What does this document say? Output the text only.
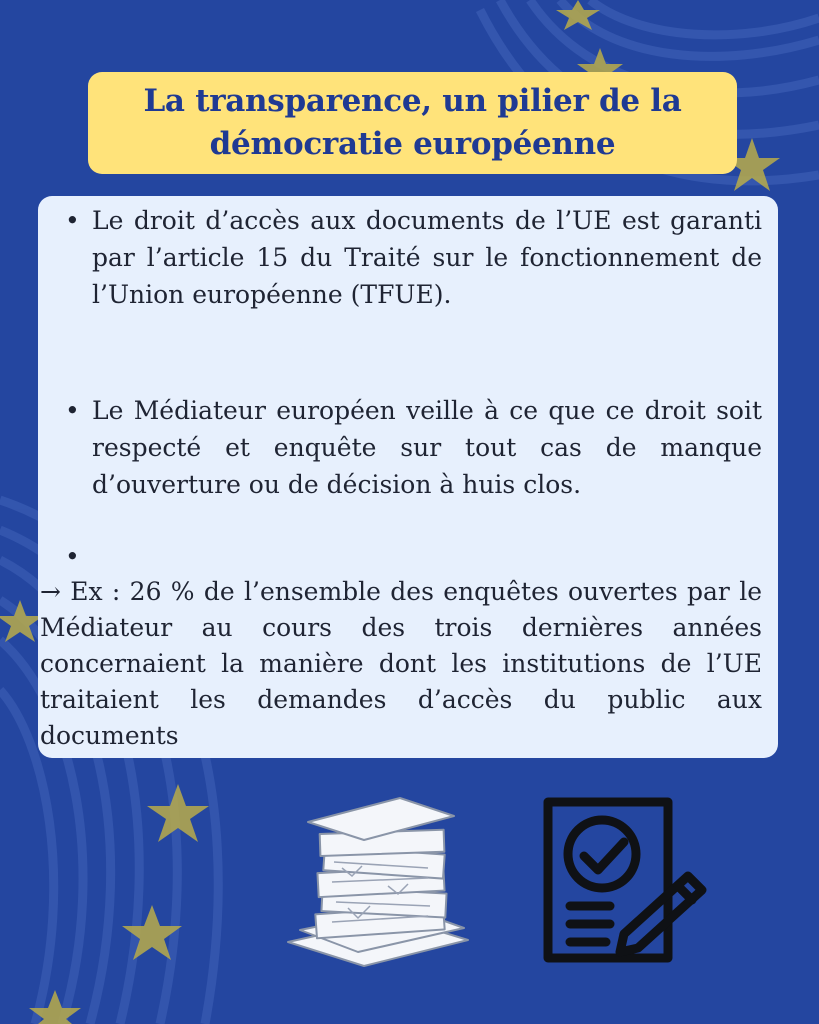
La transparence, un pilier de la
démocratie européenne
• Le droit d’accès aux documents de l’UE est garanti par l’article 15 du Traité sur le fonctionnement de l’Union européenne (TFUE).
• Le Médiateur européen veille à ce que ce droit soit respecté et enquête sur tout cas de manque d’ouverture ou de décision à huis clos.
•

→ Ex : 26 % de l’ensemble des enquêtes ouvertes par le Médiateur au cours des trois dernières années concernaient la manière dont les institutions de l’UE traitaient les demandes d’accès du public aux documents
